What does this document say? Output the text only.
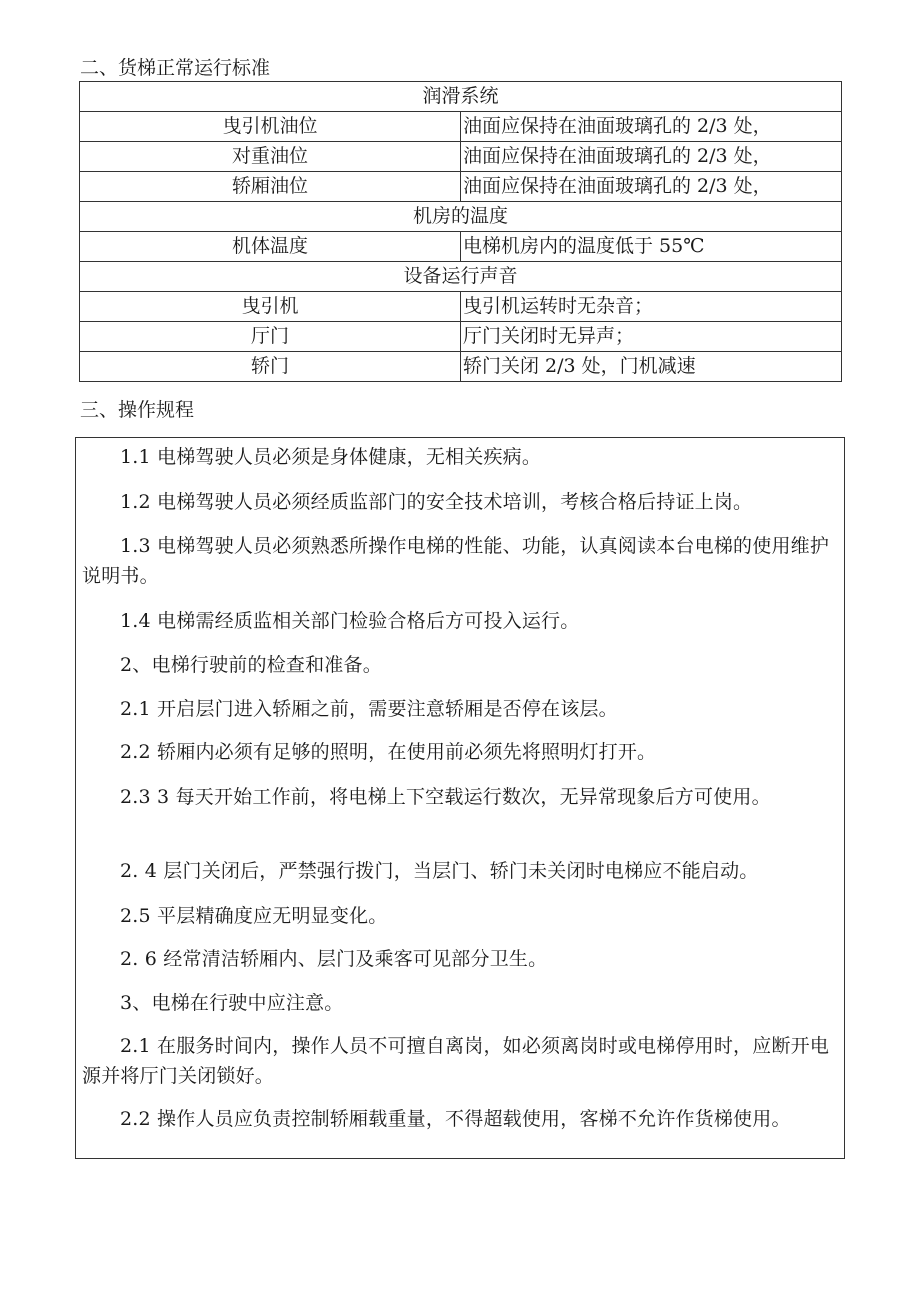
二、货梯正常运行标准
润滑系统	
曳引机油位	油面应保持在油面玻璃孔的 2/3 处，
对重油位	油面应保持在油面玻璃孔的 2/3 处，
轿厢油位	油面应保持在油面玻璃孔的 2/3 处，
机房的温度	
机体温度	电梯机房内的温度低于 55℃
设备运行声音	
曳引机	曳引机运转时无杂音；
厅门	厅门关闭时无异声；
轿门	轿门关闭 2/3 处，门机减速
三、操作规程

1.1 电梯驾驶人员必须是身体健康，无相关疾病。

1.2 电梯驾驶人员必须经质监部门的安全技术培训，考核合格后持证上岗。

1.3 电梯驾驶人员必须熟悉所操作电梯的性能、功能，认真阅读本台电梯的使用维护说明书。

1.4 电梯需经质监相关部门检验合格后方可投入运行。

2、电梯行驶前的检查和准备。

2.1 开启层门进入轿厢之前，需要注意轿厢是否停在该层。

2.2 轿厢内必须有足够的照明，在使用前必须先将照明灯打开。

2.3 3 每天开始工作前，将电梯上下空载运行数次，无异常现象后方可使用。

2. 4 层门关闭后，严禁强行拨门，当层门、轿门未关闭时电梯应不能启动。

2.5 平层精确度应无明显变化。

2. 6 经常清洁轿厢内、层门及乘客可见部分卫生。

3、电梯在行驶中应注意。

2.1 在服务时间内，操作人员不可擅自离岗，如必须离岗时或电梯停用时，应断开电源并将厅门关闭锁好。

2.2 操作人员应负责控制轿厢载重量，不得超载使用，客梯不允许作货梯使用。
